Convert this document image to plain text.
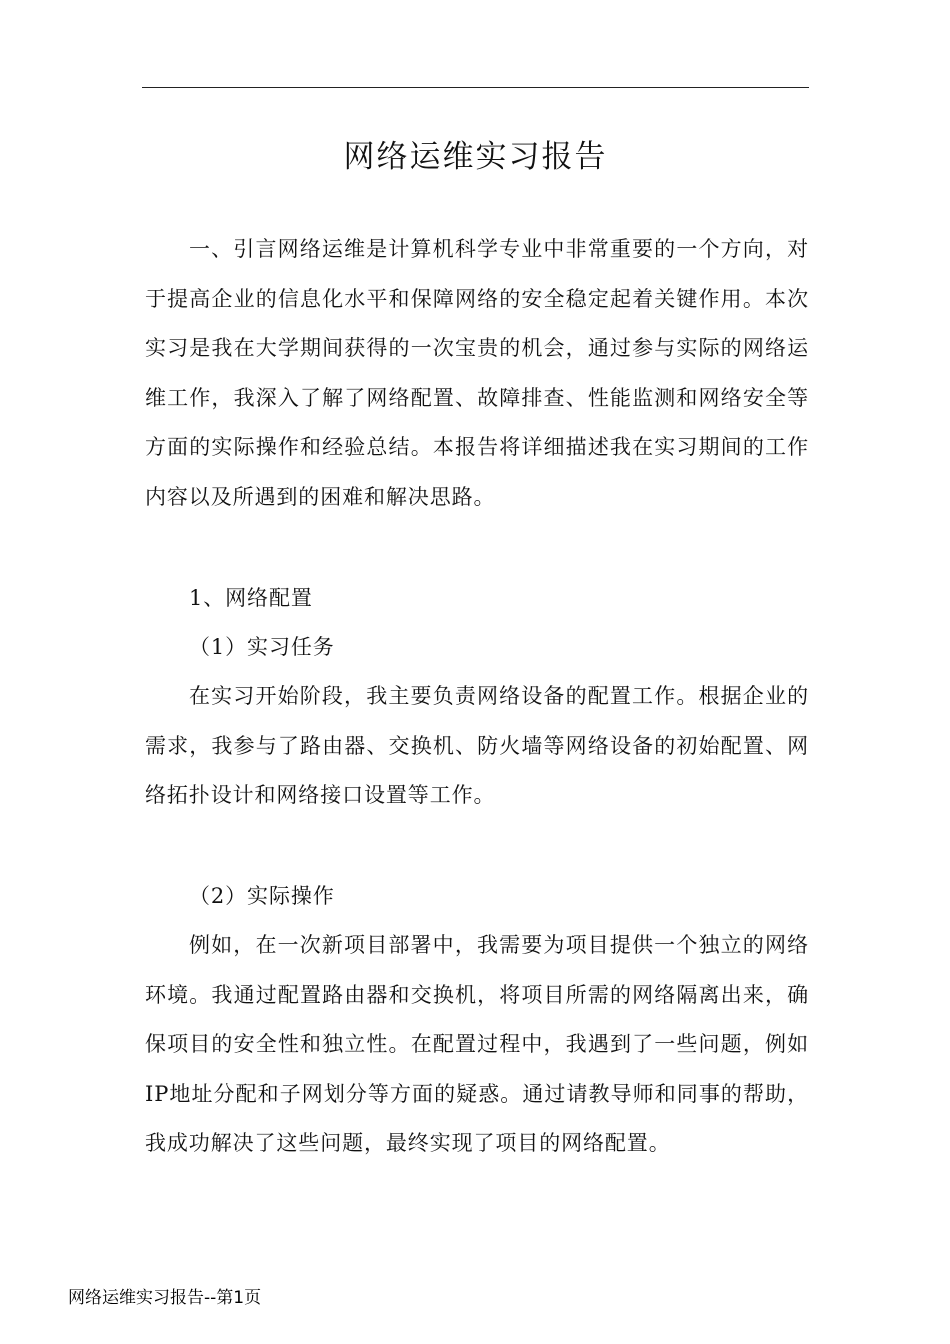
网络运维实习报告

一、引言网络运维是计算机科学专业中非常重要的一个方向，对于提高企业的信息化水平和保障网络的安全稳定起着关键作用。本次实习是我在大学期间获得的一次宝贵的机会，通过参与实际的网络运维工作，我深入了解了网络配置、故障排查、性能监测和网络安全等方面的实际操作和经验总结。本报告将详细描述我在实习期间的工作内容以及所遇到的困难和解决思路。

1、网络配置

（1）实习任务

在实习开始阶段，我主要负责网络设备的配置工作。根据企业的需求，我参与了路由器、交换机、防火墙等网络设备的初始配置、网络拓扑设计和网络接口设置等工作。

（2）实际操作

例如，在一次新项目部署中，我需要为项目提供一个独立的网络环境。我通过配置路由器和交换机，将项目所需的网络隔离出来，确保项目的安全性和独立性。在配置过程中，我遇到了一些问题，例如IP地址分配和子网划分等方面的疑惑。通过请教导师和同事的帮助，我成功解决了这些问题，最终实现了项目的网络配置。

网络运维实习报告--第1页
